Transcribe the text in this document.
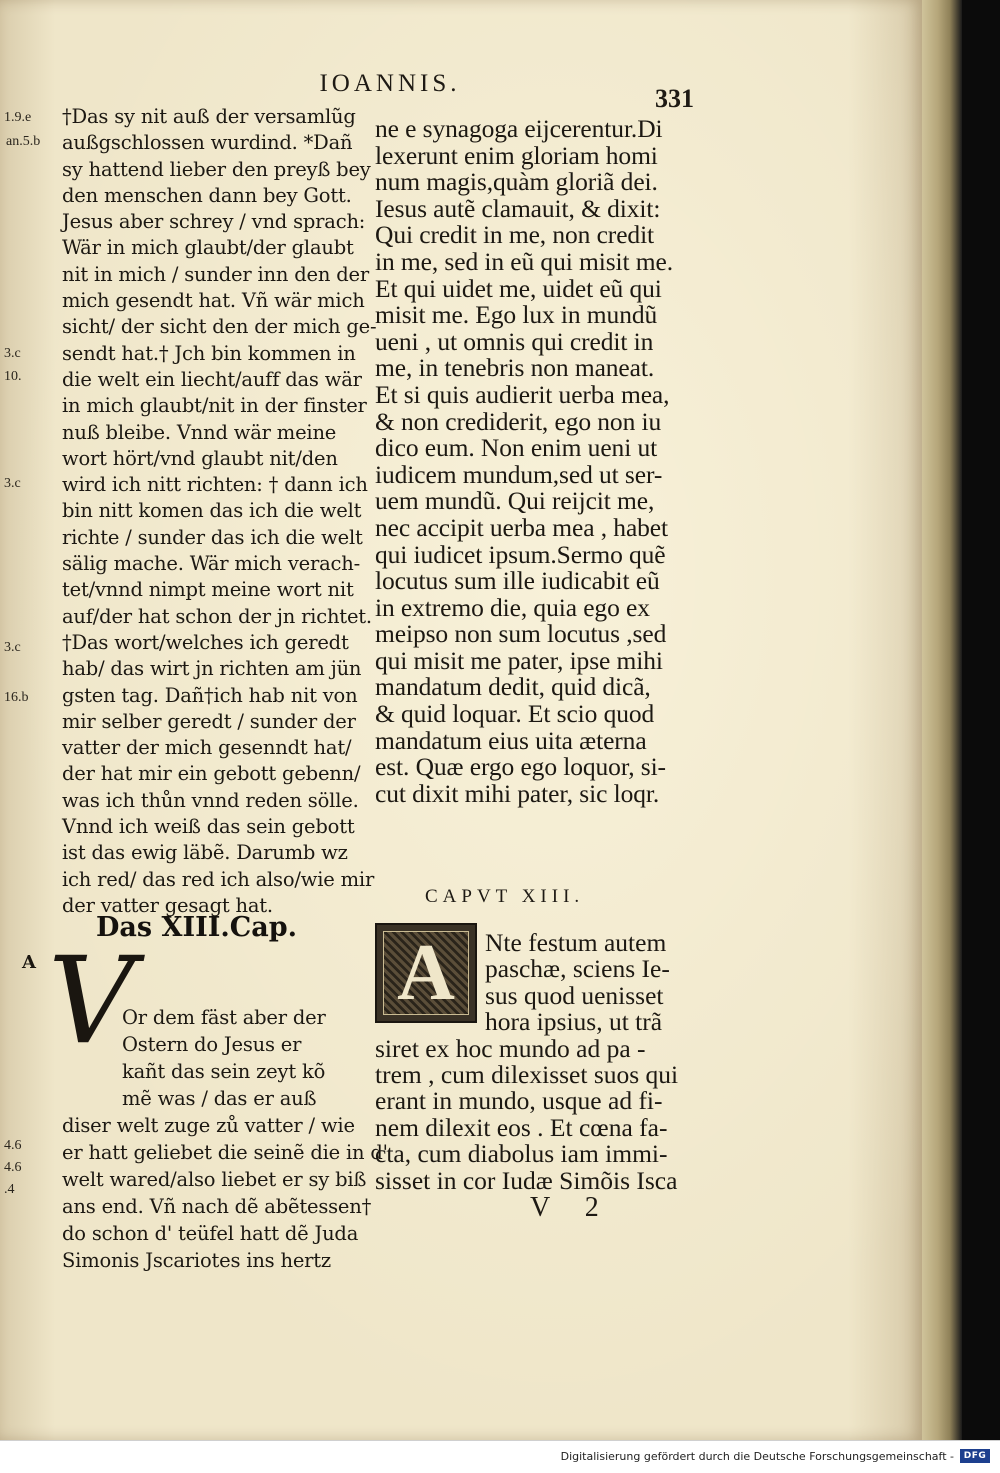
IOANNIS.
331
†Das sy nit auß der versamlũg
außgschlossen wurdind. *Dañ
sy hattend lieber den preyß bey
den menschen dann bey Gott.
Jesus aber schrey / vnd sprach:
Wär in mich glaubt/der glaubt
nit in mich / sunder inn den der
mich gesendt hat. Vñ wär mich
sicht/ der sicht den der mich ge-
sendt hat.† Jch bin kommen in
die welt ein liecht/auff das wär
in mich glaubt/nit in der finster
nuß bleibe. Vnnd wär meine
wort hört/vnd glaubt nit/den
wird ich nitt richten: † dann ich
bin nitt komen das ich die welt
richte / sunder das ich die welt
sälig mache. Wär mich verach-
tet/vnnd nimpt meine wort nit
auf/der hat schon der jn richtet.
†Das wort/welches ich geredt
hab/ das wirt jn richten am jün
gsten tag. Dañ†ich hab nit von
mir selber geredt / sunder der
vatter der mich gesenndt hat/
der hat mir ein gebott gebenn/
was ich thůn vnnd reden sölle.
Vnnd ich weiß das sein gebott
ist das ewig läbẽ. Darumb wz
ich red/ das red ich also/wie mir
der vatter gesagt hat.
ne e synagoga eijcerentur.Di
lexerunt enim gloriam homi
num magis,quàm gloriã dei.
Iesus autẽ clamauit, & dixit:
Qui credit in me, non credit
in me, sed in eũ qui misit me.
Et qui uidet me, uidet eũ qui
misit me. Ego lux in mundũ
ueni , ut omnis qui credit in
me, in tenebris non maneat.
Et si quis audierit uerba mea,
& non crediderit, ego non iu
dico eum. Non enim ueni ut
iudicem mundum,sed ut ser-
uem mundũ. Qui reijcit me,
nec accipit uerba mea , habet
qui iudicet ipsum.Sermo quẽ
locutus sum ille iudicabit eũ
in extremo die, quia ego ex
meipso non sum locutus ,sed
qui misit me pater, ipse mihi
mandatum dedit, quid dicã,
& quid loquar. Et scio quod
mandatum eius uita æterna
est. Quæ ergo ego loquor, si-
cut dixit mihi pater, sic loqr.
Das XIII.Cap.
CAPVT XIII.
V	A
Or dem fäst aber der
Ostern do Jesus er
kañt das sein zeyt kõ
mẽ was / das er auß
diser welt zuge zů vatter / wie
er hatt geliebet die seinẽ die in d'
welt wared/also liebet er sy biß
ans end. Vñ nach dẽ abẽtessen†
do schon d' teüfel hatt dẽ Juda
Simonis Jscariotes ins hertz
Nte festum autem
paschæ, sciens Ie-
sus quod uenisset
hora ipsius, ut trã
siret ex hoc mundo ad pa -
trem , cum dilexisset suos qui
erant in mundo, usque ad fi-
nem dilexit eos . Et cœna fa-
cta, cum diabolus iam immi-
sisset in cor Iudæ Simõis Isca
A
1.9.e
an.5.b
3.c
10.
3.c
3.c
16.b
4.6
4.6
.4
V 2
Digitalisierung gefördert durch die Deutsche Forschungsgemeinschaft -	DFG
